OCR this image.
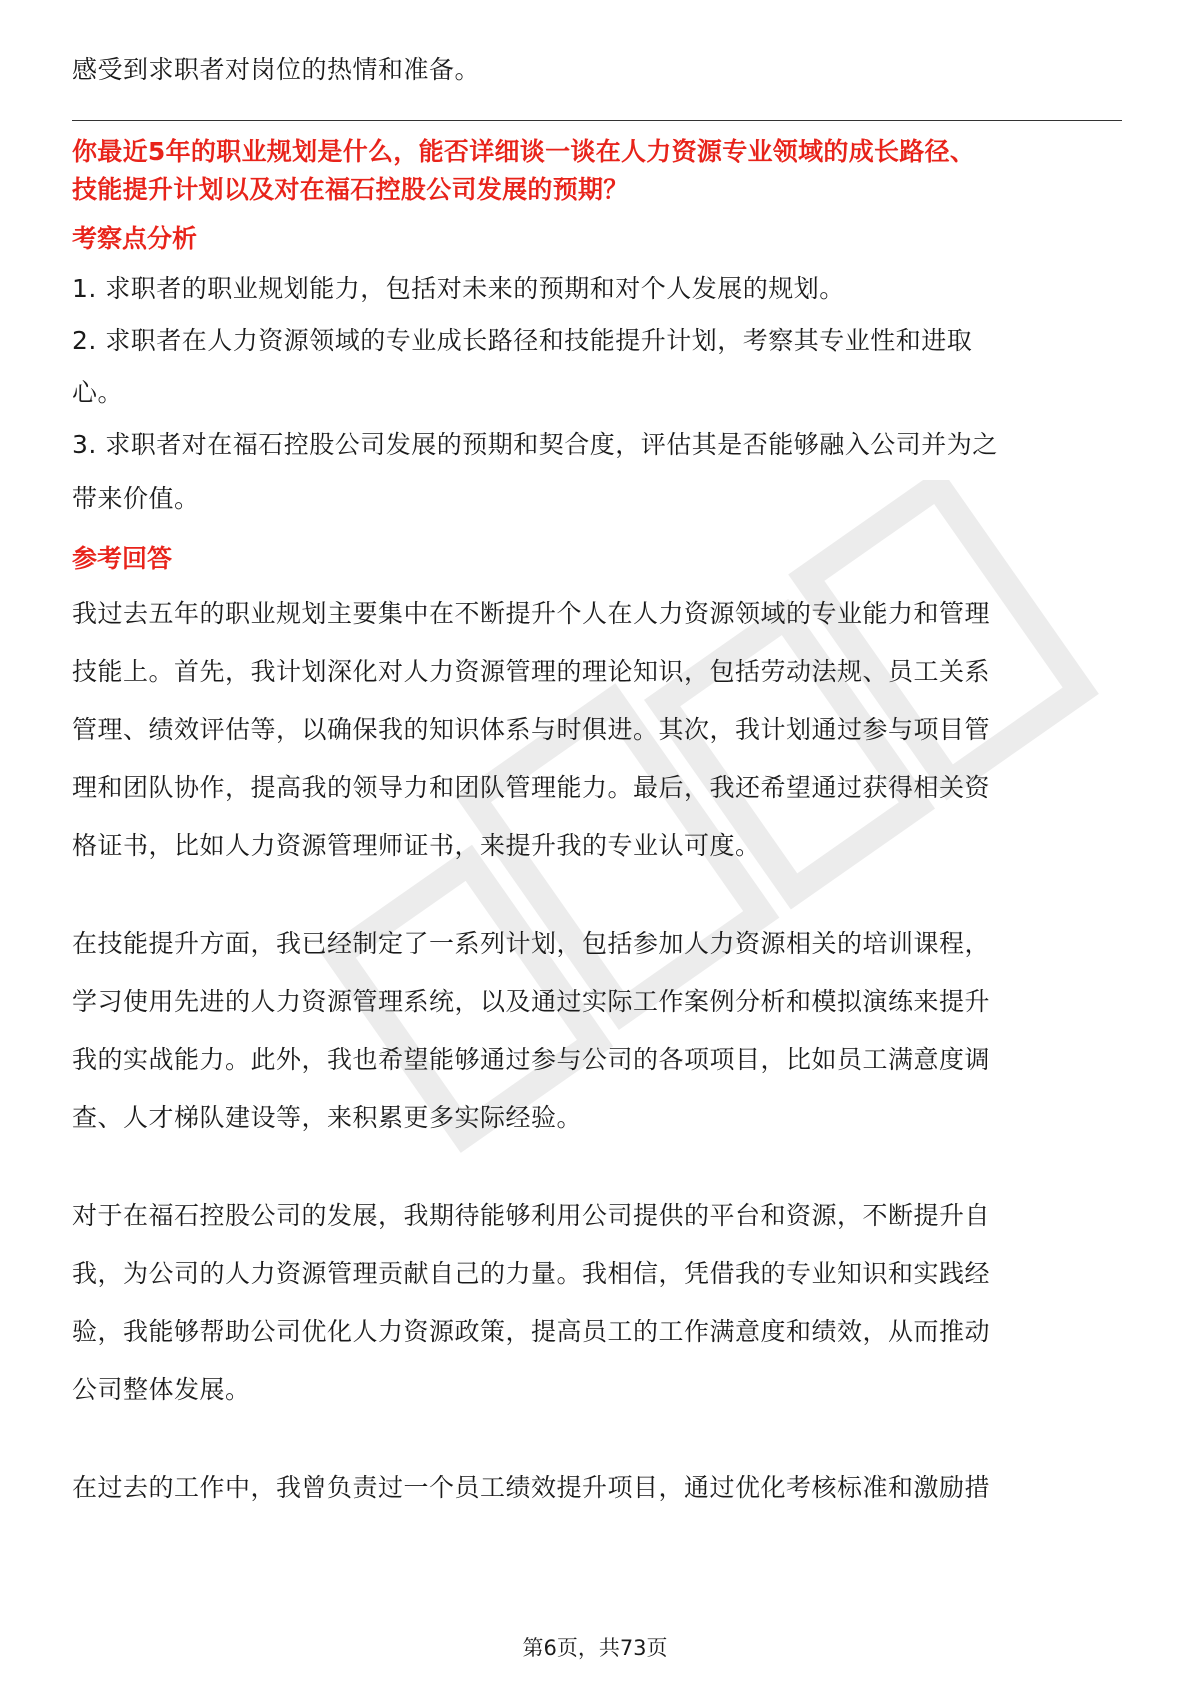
感受到求职者对岗位的热情和准备。

你最近5年的职业规划是什么，能否详细谈一谈在人力资源专业领域的成长路径、

技能提升计划以及对在福石控股公司发展的预期？

考察点分析

1. 求职者的职业规划能力，包括对未来的预期和对个人发展的规划。

2. 求职者在人力资源领域的专业成长路径和技能提升计划，考察其专业性和进取

心。

3. 求职者对在福石控股公司发展的预期和契合度，评估其是否能够融入公司并为之

带来价值。

参考回答

我过去五年的职业规划主要集中在不断提升个人在人力资源领域的专业能力和管理

技能上。首先，我计划深化对人力资源管理的理论知识，包括劳动法规、员工关系

管理、绩效评估等，以确保我的知识体系与时俱进。其次，我计划通过参与项目管

理和团队协作，提高我的领导力和团队管理能力。最后，我还希望通过获得相关资

格证书，比如人力资源管理师证书，来提升我的专业认可度。

在技能提升方面，我已经制定了一系列计划，包括参加人力资源相关的培训课程，

学习使用先进的人力资源管理系统，以及通过实际工作案例分析和模拟演练来提升

我的实战能力。此外，我也希望能够通过参与公司的各项项目，比如员工满意度调

查、人才梯队建设等，来积累更多实际经验。

对于在福石控股公司的发展，我期待能够利用公司提供的平台和资源，不断提升自

我，为公司的人力资源管理贡献自己的力量。我相信，凭借我的专业知识和实践经

验，我能够帮助公司优化人力资源政策，提高员工的工作满意度和绩效，从而推动

公司整体发展。

在过去的工作中，我曾负责过一个员工绩效提升项目，通过优化考核标准和激励措

第6页，共73页
